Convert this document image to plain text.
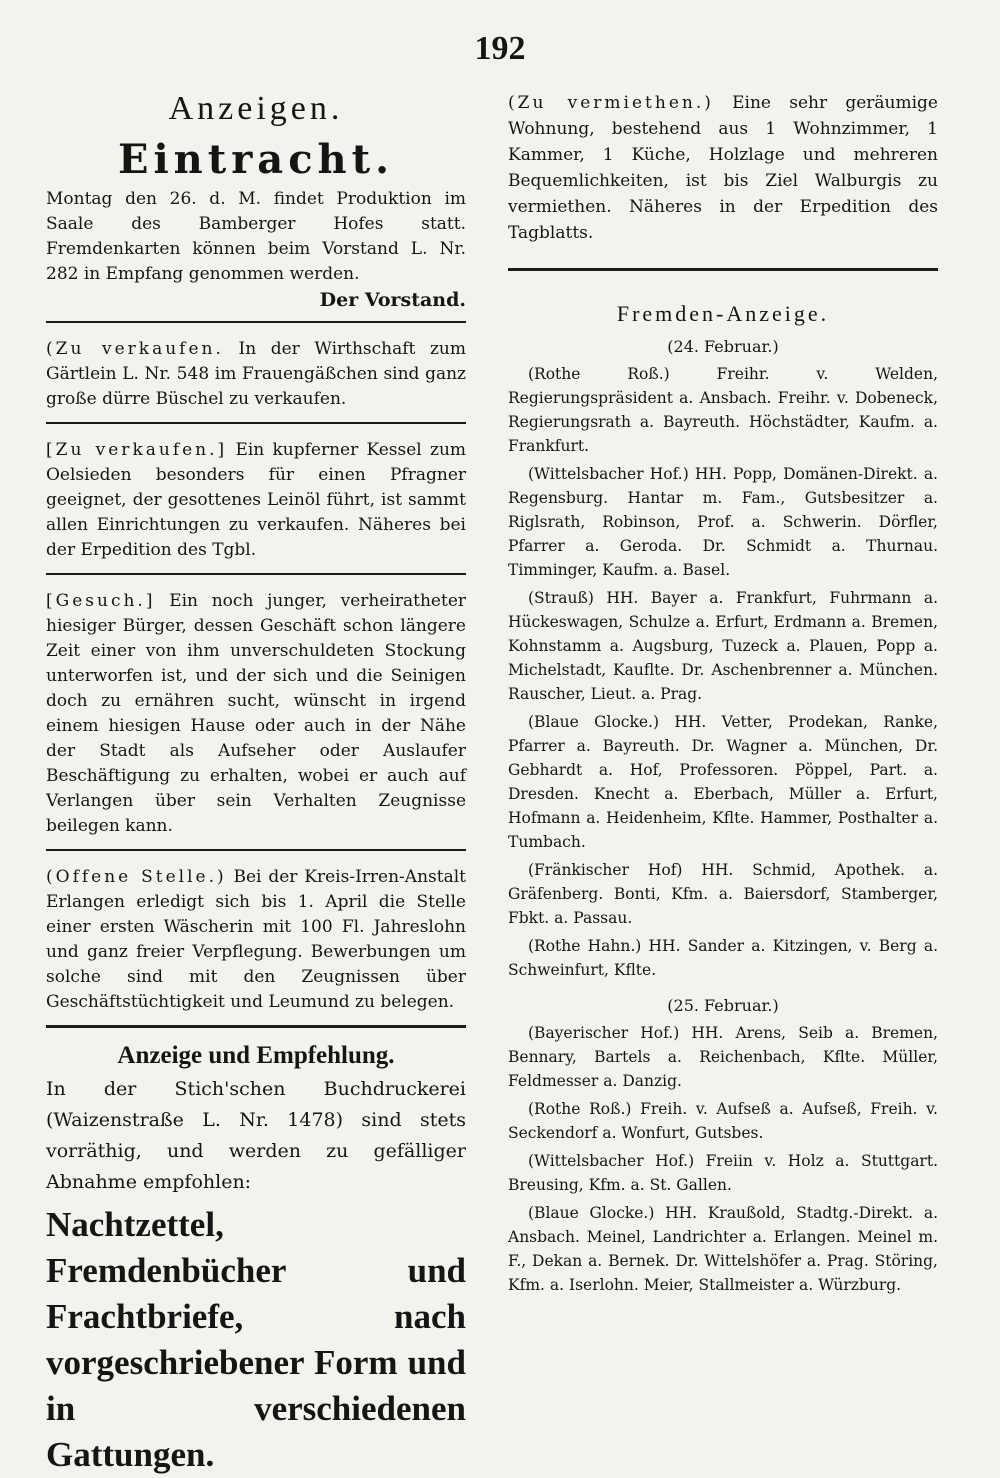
192
Anzeigen.
Eintracht.

Montag den 26. d. M. findet Produktion im Saale des Bamberger Hofes statt. Fremdenkarten können beim Vorstand L. Nr. 282 in Empfang genommen werden.

Der Vorstand.

(Zu verkaufen. In der Wirthschaft zum Gärtlein L. Nr. 548 im Frauengäßchen sind ganz große dürre Büschel zu verkaufen.

[Zu verkaufen.] Ein kupferner Kessel zum Oelsieden besonders für einen Pfragner geeignet, der gesottenes Leinöl führt, ist sammt allen Einrichtungen zu verkaufen. Näheres bei der Erpedition des Tgbl.

[Gesuch.] Ein noch junger, verheiratheter hiesiger Bürger, dessen Geschäft schon längere Zeit einer von ihm unverschuldeten Stockung unterworfen ist, und der sich und die Seinigen doch zu ernähren sucht, wünscht in irgend einem hiesigen Hause oder auch in der Nähe der Stadt als Aufseher oder Auslaufer Beschäftigung zu erhalten, wobei er auch auf Verlangen über sein Verhalten Zeugnisse beilegen kann.

(Offene Stelle.) Bei der Kreis-Irren-Anstalt Erlangen erledigt sich bis 1. April die Stelle einer ersten Wäscherin mit 100 Fl. Jahreslohn und ganz freier Verpflegung. Bewerbungen um solche sind mit den Zeugnissen über Geschäftstüchtigkeit und Leumund zu belegen.

Anzeige und Empfehlung.

In der Stich'schen Buchdruckerei (Waizenstraße L. Nr. 1478) sind stets vorräthig, und werden zu gefälliger Abnahme empfohlen:

Nachtzettel, Fremdenbücher und Frachtbriefe, nach vorgeschriebener Form und in verschiedenen Gattungen.

(Zu vermiethen.) Eine sehr geräumige Wohnung, bestehend aus 1 Wohnzimmer, 1 Kammer, 1 Küche, Holzlage und mehreren Bequemlichkeiten, ist bis Ziel Walburgis zu vermiethen. Näheres in der Erpedition des Tagblatts.

Fremden-Anzeige.
(24. Februar.)

(Rothe Roß.) Freihr. v. Welden, Regierungspräsident a. Ansbach. Freihr. v. Dobeneck, Regierungsrath a. Bayreuth. Höchstädter, Kaufm. a. Frankfurt.

(Wittelsbacher Hof.) HH. Popp, Domänen-Direkt. a. Regensburg. Hantar m. Fam., Gutsbesitzer a. Riglsrath, Robinson, Prof. a. Schwerin. Dörfler, Pfarrer a. Geroda. Dr. Schmidt a. Thurnau. Timminger, Kaufm. a. Basel.

(Strauß) HH. Bayer a. Frankfurt, Fuhrmann a. Hückeswagen, Schulze a. Erfurt, Erdmann a. Bremen, Kohnstamm a. Augsburg, Tuzeck a. Plauen, Popp a. Michelstadt, Kauflte. Dr. Aschenbrenner a. München. Rauscher, Lieut. a. Prag.

(Blaue Glocke.) HH. Vetter, Prodekan, Ranke, Pfarrer a. Bayreuth. Dr. Wagner a. München, Dr. Gebhardt a. Hof, Professoren. Pöppel, Part. a. Dresden. Knecht a. Eberbach, Müller a. Erfurt, Hofmann a. Heidenheim, Kflte. Hammer, Posthalter a. Tumbach.

(Fränkischer Hof) HH. Schmid, Apothek. a. Gräfenberg. Bonti, Kfm. a. Baiersdorf, Stamberger, Fbkt. a. Passau.

(Rothe Hahn.) HH. Sander a. Kitzingen, v. Berg a. Schweinfurt, Kflte.

(25. Februar.)

(Bayerischer Hof.) HH. Arens, Seib a. Bremen, Bennary, Bartels a. Reichenbach, Kflte. Müller, Feldmesser a. Danzig.

(Rothe Roß.) Freih. v. Aufseß a. Aufseß, Freih. v. Seckendorf a. Wonfurt, Gutsbes.

(Wittelsbacher Hof.) Freiin v. Holz a. Stuttgart. Breusing, Kfm. a. St. Gallen.

(Blaue Glocke.) HH. Kraußold, Stadtg.-Direkt. a. Ansbach. Meinel, Landrichter a. Erlangen. Meinel m. F., Dekan a. Bernek. Dr. Wittelshöfer a. Prag. Störing, Kfm. a. Iserlohn. Meier, Stallmeister a. Würzburg.
